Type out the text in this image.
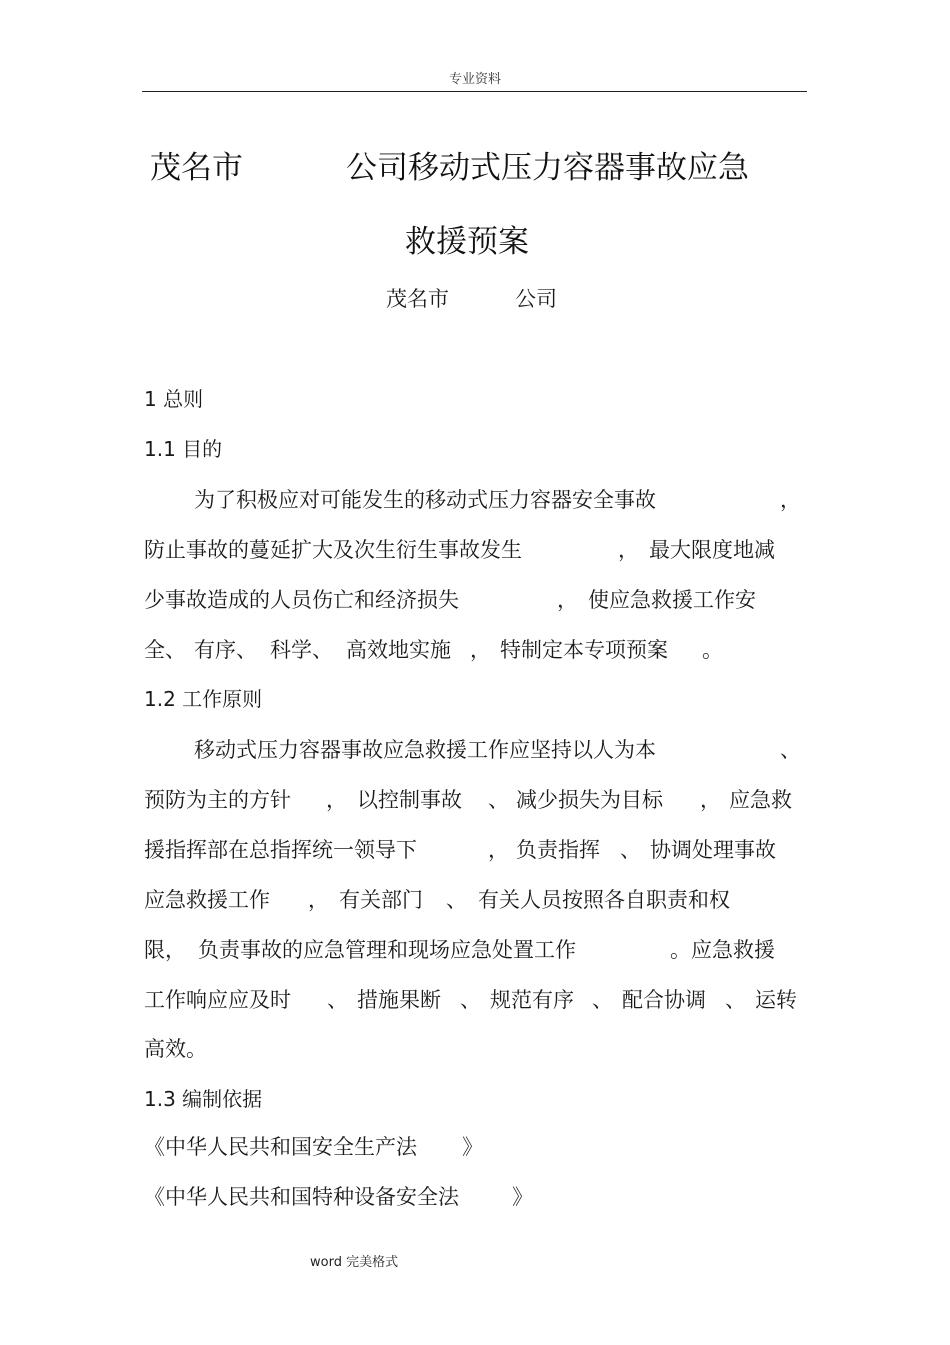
专业资料
茂名市	公司移动式压力容器事故应急
救援预案
茂名市	公司
1 总则
1.1 目的
为了积极应对可能发生的移动式压力容器安全事故	，
防止事故的蔓延扩大及次生衍生事故发生	， 最大限度地减
少事故造成的人员伤亡和经济损失	， 使应急救援工作安
全、 有序、 科学、 高效地实施 ， 特制定本专项预案 。
1.2 工作原则
移动式压力容器事故应急救援工作应坚持以人为本	、
预防为主的方针 ， 以控制事故 、 减少损失为目标 ， 应急救
援指挥部在总指挥统一领导下	， 负责指挥 、 协调处理事故
应急救援工作 ， 有关部门 、 有关人员按照各自职责和权
限， 负责事故的应急管理和现场应急处置工作	。应急救援
工作响应应及时 、 措施果断 、 规范有序 、 配合协调 、 运转
高效。
1.3 编制依据
《中华人民共和国安全生产法 》
《中华人民共和国特种设备安全法	》
word 完美格式
